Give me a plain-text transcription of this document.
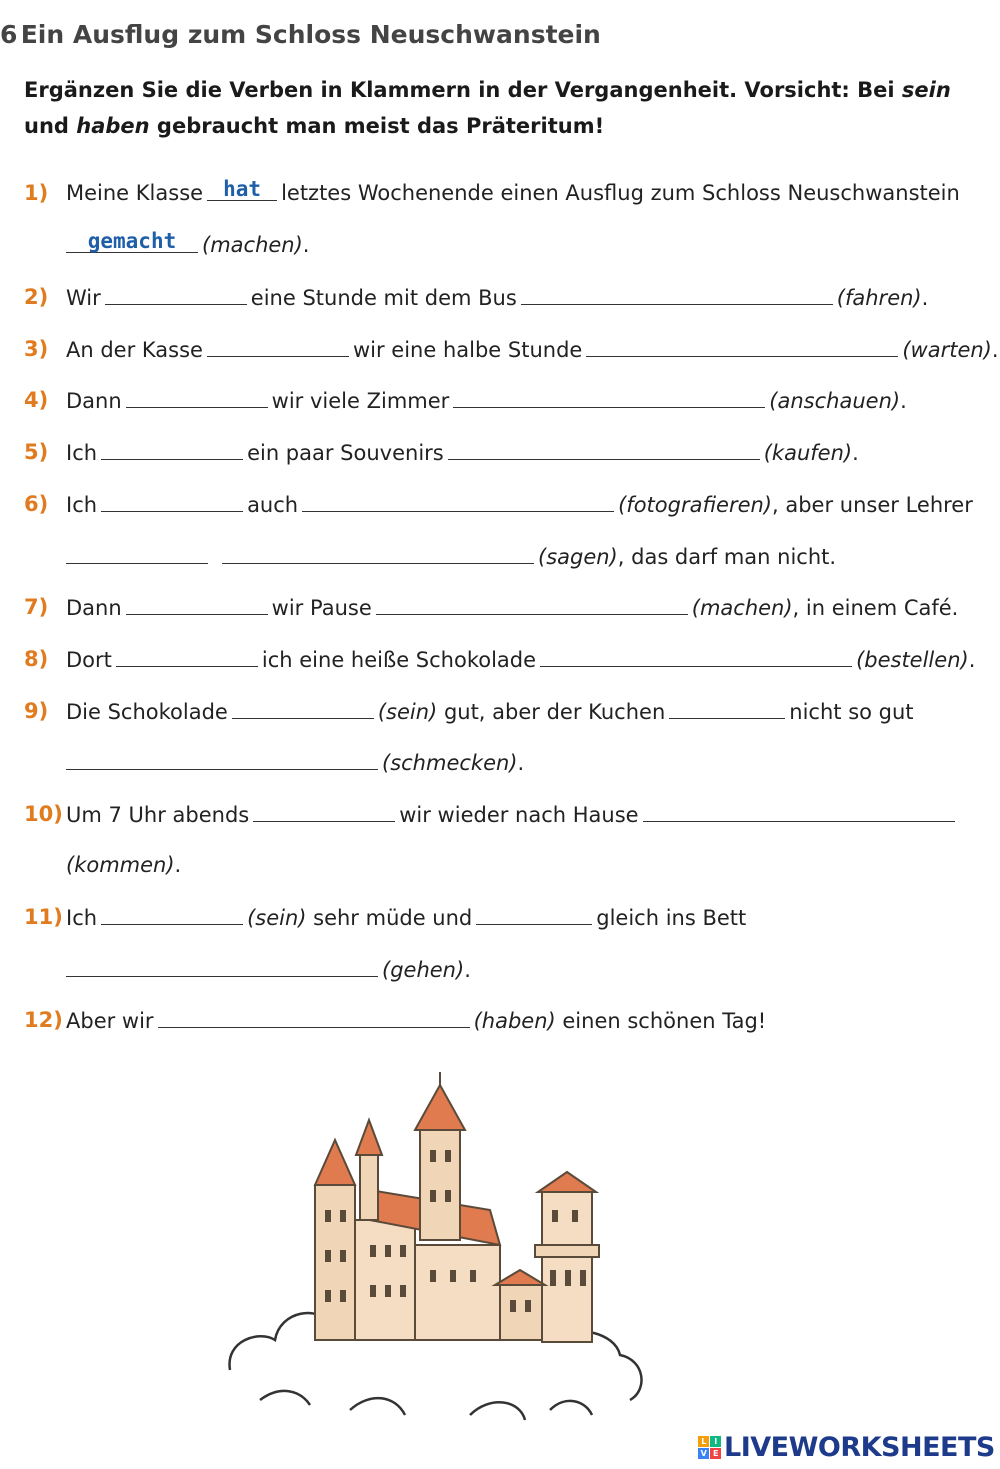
6 Ein Ausflug zum Schloss Neuschwanstein
Ergänzen Sie die Verben in Klammern in der Vergangenheit. Vorsicht: Bei sein und haben gebraucht man meist das Präteritum!
1) Meine Klasse hat letztes Wochenende einen Ausflug zum Schloss Neuschwanstein
gemacht (machen).
2) Wir	eine Stunde mit dem Bus	(fahren).
3) An der Kasse	wir eine halbe Stunde	(warten).
4) Dann	wir viele Zimmer	(anschauen).
5) Ich	ein paar Souvenirs	(kaufen).
6) Ich	auch	(fotografieren), aber unser Lehrer
(sagen), das darf man nicht.
7) Dann	wir Pause	(machen), in einem Café.
8) Dort	ich eine heiße Schokolade	(bestellen).
9) Die Schokolade	(sein) gut, aber der Kuchen	nicht so gut
(schmecken).
10) Um 7 Uhr abends	wir wieder nach Hause
(kommen).
11) Ich	(sein) sehr müde und	gleich ins Bett
(gehen).
12) Aber wir	(haben) einen schönen Tag!
L	I
V E LIVEWORKSHEETS
